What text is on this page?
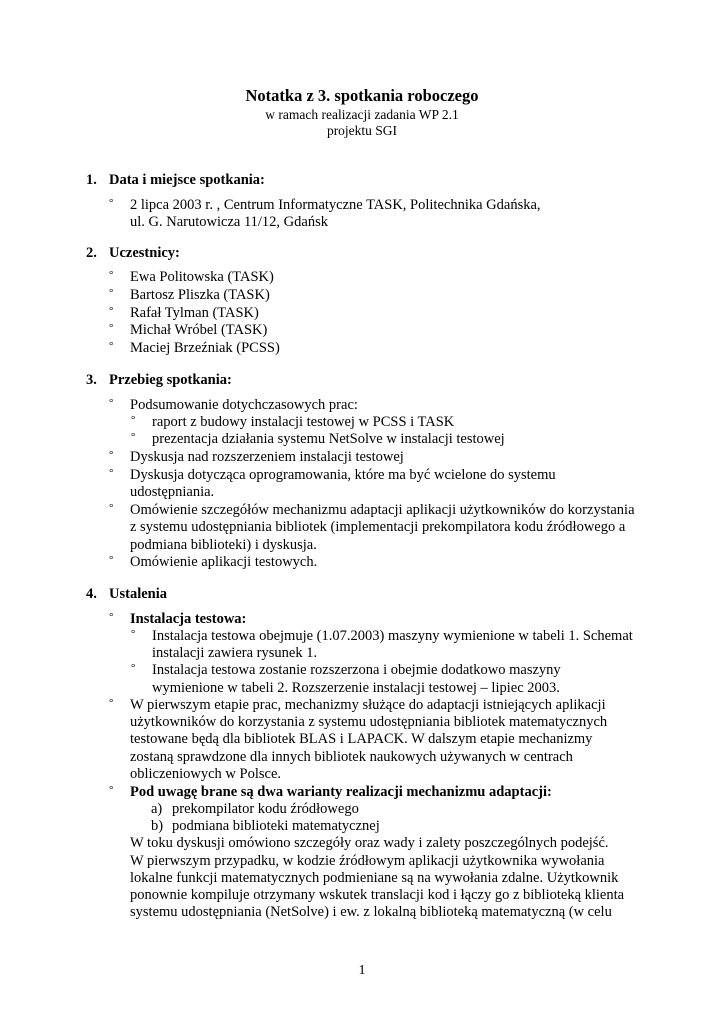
Notatka z 3. spotkania roboczego
w ramach realizacji zadania WP 2.1
projektu SGI
1. Data i miejsce spotkania:
° 2 lipca 2003 r. , Centrum Informatyczne TASK, Politechnika Gdańska,
ul. G. Narutowicza 11/12, Gdańsk
2. Uczestnicy:
° Ewa Politowska (TASK)
° Bartosz Pliszka (TASK)
° Rafał Tylman (TASK)
° Michał Wróbel (TASK)
° Maciej Brzeźniak (PCSS)
3. Przebieg spotkania:
° Podsumowanie dotychczasowych prac:
° raport z budowy instalacji testowej w PCSS i TASK
° prezentacja działania systemu NetSolve w instalacji testowej
° Dyskusja nad rozszerzeniem instalacji testowej
° Dyskusja dotycząca oprogramowania, które ma być wcielone do systemu
udostępniania.
° Omówienie szczegółów mechanizmu adaptacji aplikacji użytkowników do korzystania
z systemu udostępniania bibliotek (implementacji prekompilatora kodu źródłowego a
podmiana biblioteki) i dyskusja.
° Omówienie aplikacji testowych.
4. Ustalenia
° Instalacja testowa:
° Instalacja testowa obejmuje (1.07.2003) maszyny wymienione w tabeli 1. Schemat
instalacji zawiera rysunek 1.
° Instalacja testowa zostanie rozszerzona i obejmie dodatkowo maszyny
wymienione w tabeli 2. Rozszerzenie instalacji testowej – lipiec 2003.
° W pierwszym etapie prac, mechanizmy służące do adaptacji istniejących aplikacji
użytkowników do korzystania z systemu udostępniania bibliotek matematycznych
testowane będą dla bibliotek BLAS i LAPACK. W dalszym etapie mechanizmy
zostaną sprawdzone dla innych bibliotek naukowych używanych w centrach
obliczeniowych w Polsce.
° Pod uwagę brane są dwa warianty realizacji mechanizmu adaptacji:
a) prekompilator kodu źródłowego
b) podmiana biblioteki matematycznej
W toku dyskusji omówiono szczegóły oraz wady i zalety poszczególnych podejść.
W pierwszym przypadku, w kodzie źródłowym aplikacji użytkownika wywołania
lokalne funkcji matematycznych podmieniane są na wywołania zdalne. Użytkownik
ponownie kompiluje otrzymany wskutek translacji kod i łączy go z biblioteką klienta
systemu udostępniania (NetSolve) i ew. z lokalną biblioteką matematyczną (w celu
1
